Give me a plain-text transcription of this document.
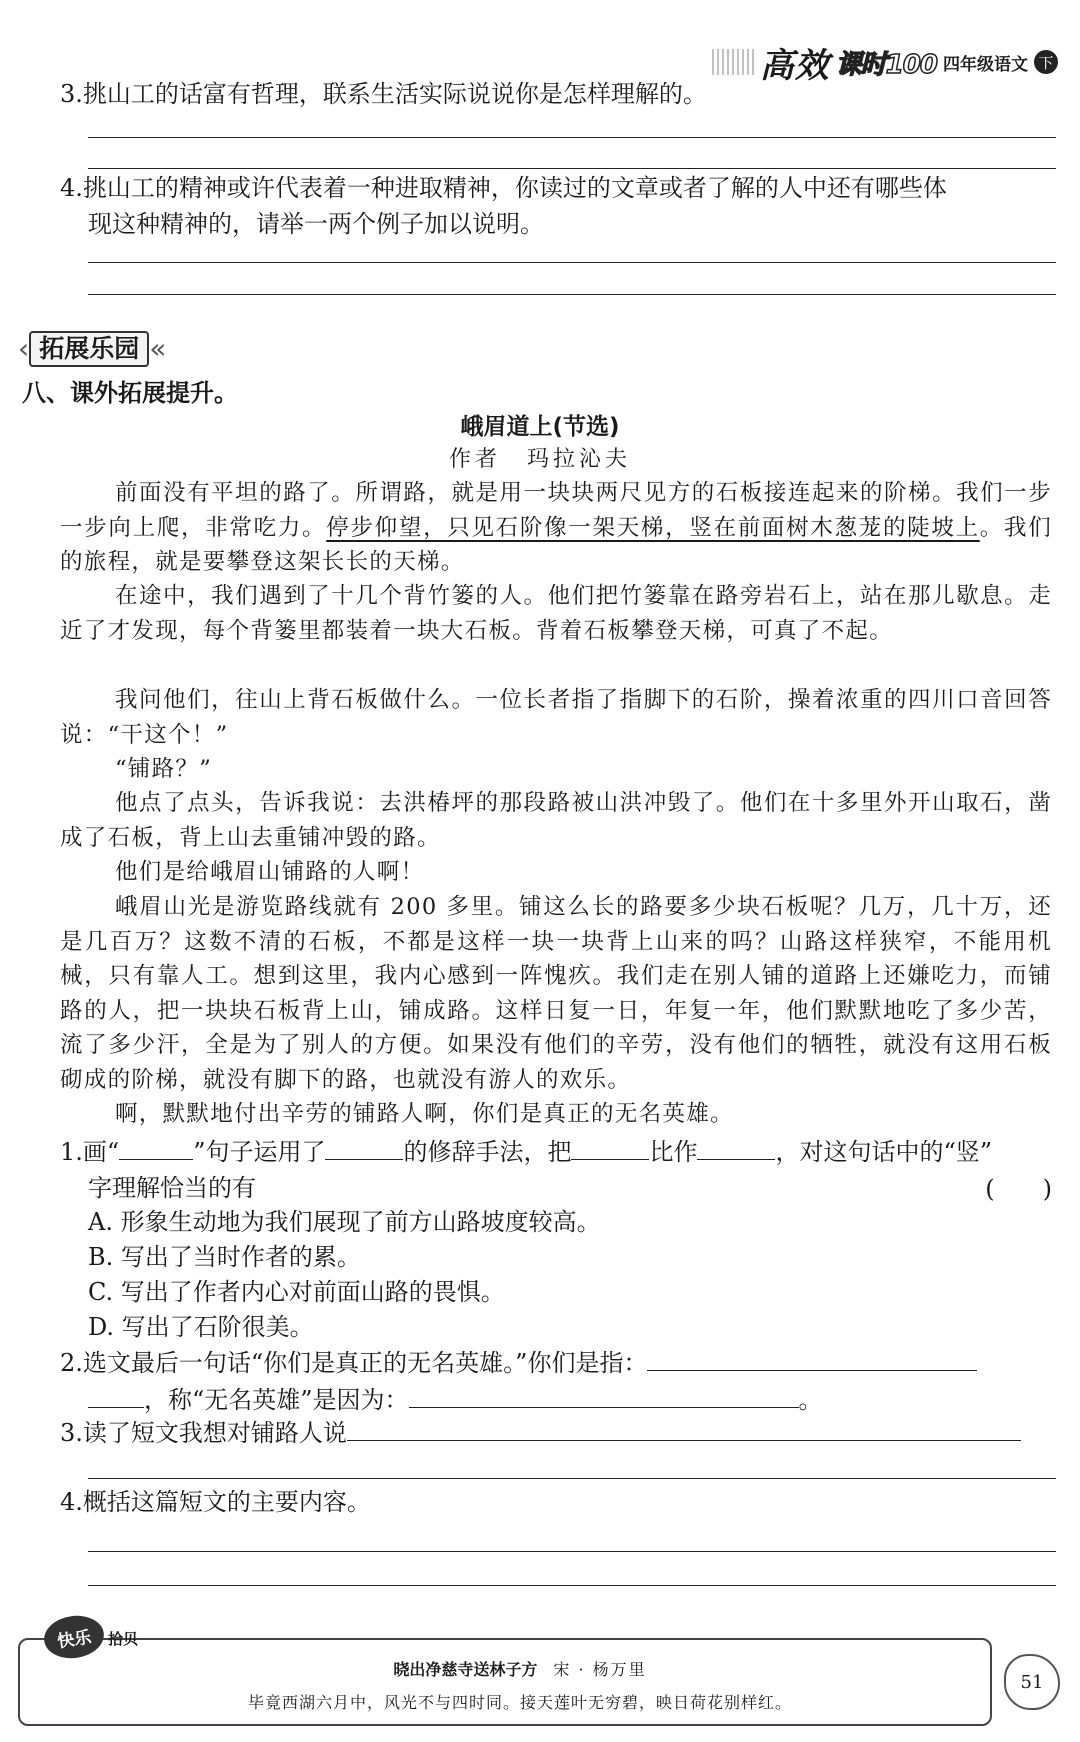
高效 课时100 四年级语文 下
3.挑山工的话富有哲理，联系生活实际说说你是怎样理解的。
4.挑山工的精神或许代表着一种进取精神，你读过的文章或者了解的人中还有哪些体
现这种精神的，请举一两个例子加以说明。
‹ 拓展乐园 «
八、课外拓展提升。
峨眉道上(节选)
作者　玛拉沁夫
前面没有平坦的路了。所谓路，就是用一块块两尺见方的石板接连起来的阶梯。我们一步一步向上爬，非常吃力。停步仰望，只见石阶像一架天梯，竖在前面树木葱茏的陡坡上。我们的旅程，就是要攀登这架长长的天梯。
在途中，我们遇到了十几个背竹篓的人。他们把竹篓靠在路旁岩石上，站在那儿歇息。走近了才发现，每个背篓里都装着一块大石板。背着石板攀登天梯，可真了不起。
我问他们，往山上背石板做什么。一位长者指了指脚下的石阶，操着浓重的四川口音回答说：“干这个！”
“铺路？”
他点了点头，告诉我说：去洪椿坪的那段路被山洪冲毁了。他们在十多里外开山取石，凿成了石板，背上山去重铺冲毁的路。
他们是给峨眉山铺路的人啊！
峨眉山光是游览路线就有 200 多里。铺这么长的路要多少块石板呢？几万，几十万，还是几百万？这数不清的石板，不都是这样一块一块背上山来的吗？山路这样狭窄，不能用机械，只有靠人工。想到这里，我内心感到一阵愧疚。我们走在别人铺的道路上还嫌吃力，而铺路的人，把一块块石板背上山，铺成路。这样日复一日，年复一年，他们默默地吃了多少苦，流了多少汗，全是为了别人的方便。如果没有他们的辛劳，没有他们的牺牲，就没有这用石板砌成的阶梯，就没有脚下的路，也就没有游人的欢乐。
啊，默默地付出辛劳的铺路人啊，你们是真正的无名英雄。
1.画“	”句子运用了	的修辞手法，把	比作	，对这句话中的“竖”
字理解恰当的有	(　　)
A. 形象生动地为我们展现了前方山路坡度较高。
B. 写出了当时作者的累。
C. 写出了作者内心对前面山路的畏惧。
D. 写出了石阶很美。
2.选文最后一句话“你们是真正的无名英雄。”你们是指：
，称“无名英雄”是因为：	。
3.读了短文我想对铺路人说
4.概括这篇短文的主要内容。
快乐	拾贝
晓出净慈寺送林子方 宋 · 杨万里
毕竟西湖六月中，风光不与四时同。接天莲叶无穷碧，映日荷花别样红。
51
